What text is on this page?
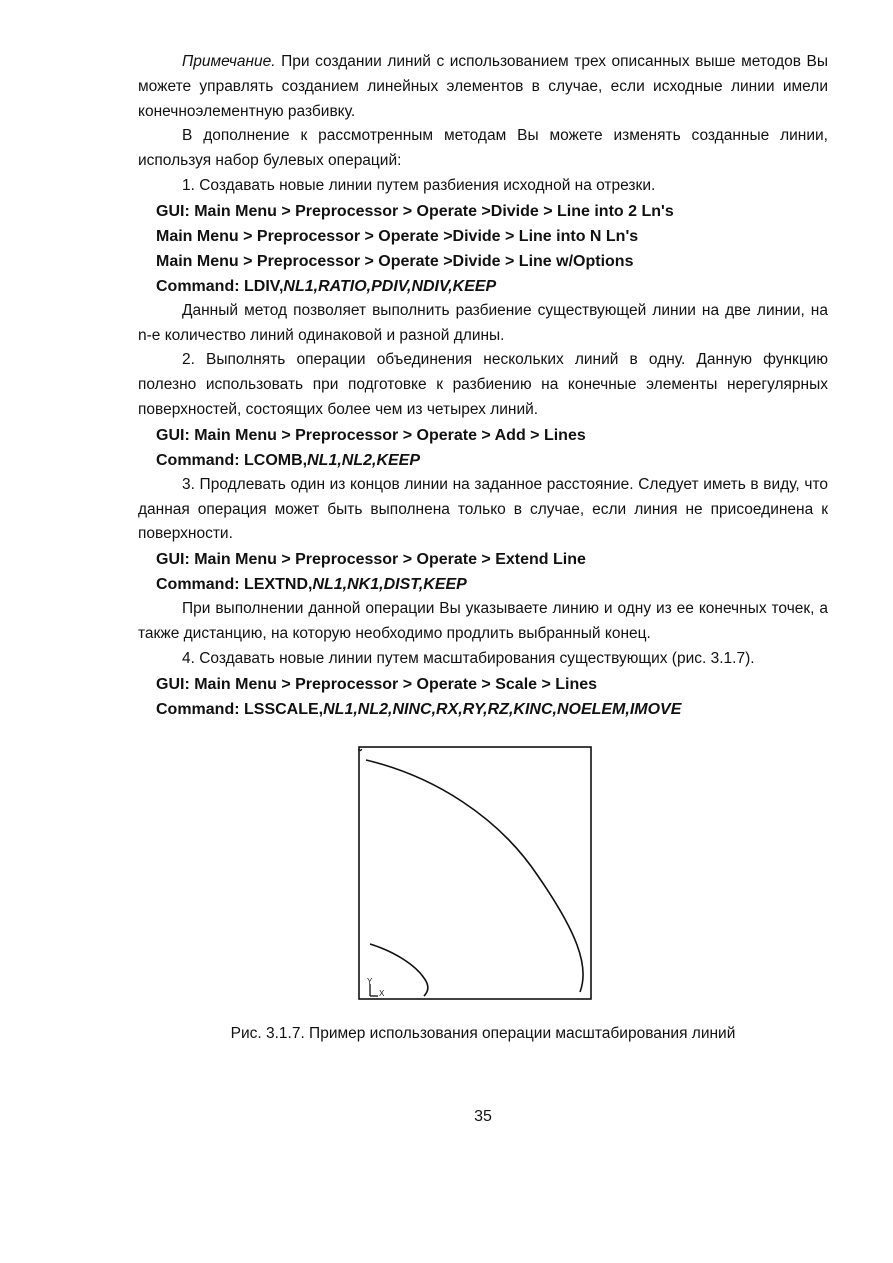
Примечание. При создании линий с использованием трех описанных выше методов Вы можете управлять созданием линейных элементов в случае, если исходные линии имели конечноэлементную разбивку.

В дополнение к рассмотренным методам Вы можете изменять созданные линии, используя набор булевых операций:

1. Создавать новые линии путем разбиения исходной на отрезки.

GUI: Main Menu > Preprocessor > Operate >Divide > Line into 2 Ln's

Main Menu > Preprocessor > Operate >Divide > Line into N Ln's

Main Menu > Preprocessor > Operate >Divide > Line w/Options

Command: LDIV,NL1,RATIO,PDIV,NDIV,KEEP

Данный метод позволяет выполнить разбиение существующей линии на две линии, на n-е количество линий одинаковой и разной длины.

2. Выполнять операции объединения нескольких линий в одну. Данную функцию полезно использовать при подготовке к разбиению на конечные элементы нерегулярных поверхностей, состоящих более чем из четырех линий.

GUI: Main Menu > Preprocessor > Operate > Add > Lines

Command: LCOMB,NL1,NL2,KEEP

3. Продлевать один из концов линии на заданное расстояние. Следует иметь в виду, что данная операция может быть выполнена только в случае, если линия не присоединена к поверхности.

GUI: Main Menu > Preprocessor > Operate > Extend Line

Command: LEXTND,NL1,NK1,DIST,KEEP

При выполнении данной операции Вы указываете линию и одну из ее конечных точек, а также дистанцию, на которую необходимо продлить выбранный конец.

4. Создавать новые линии путем масштабирования существующих (рис. 3.1.7).

GUI: Main Menu > Preprocessor > Operate > Scale > Lines

Command: LSSCALE,NL1,NL2,NINC,RX,RY,RZ,KINC,NOELEM,IMOVE

Y
X
Рис. 3.1.7. Пример использования операции масштабирования линий
35
